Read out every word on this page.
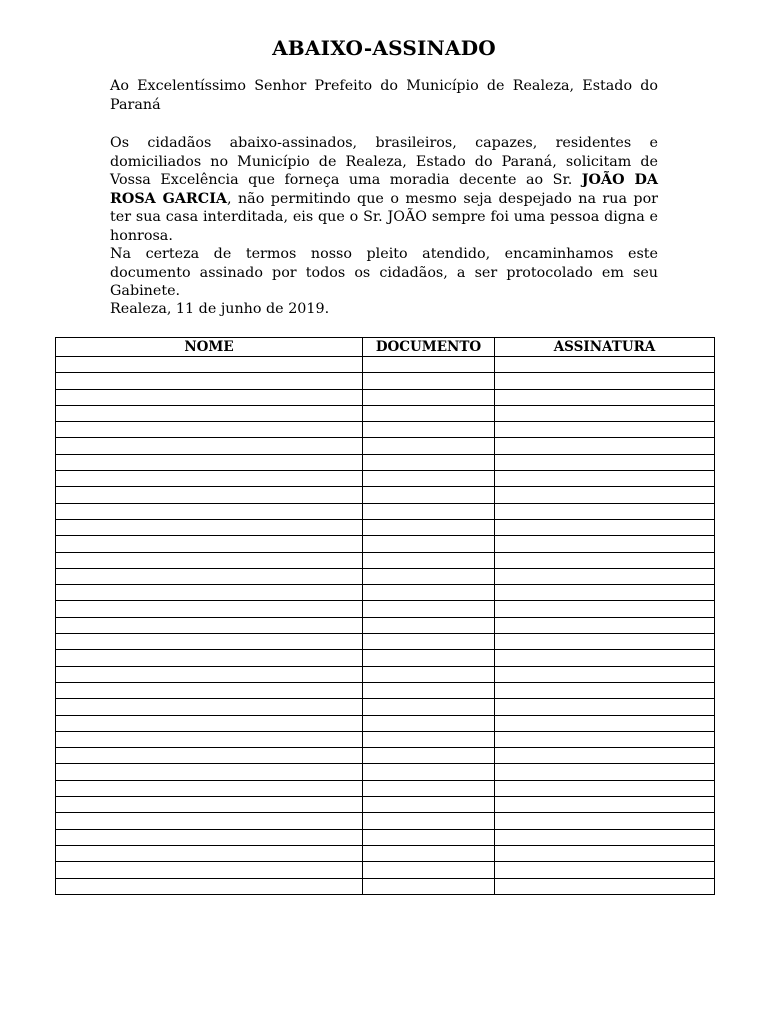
ABAIXO-ASSINADO
Ao Excelentíssimo Senhor Prefeito do Município de Realeza, Estado do Paraná
Os cidadãos abaixo-assinados, brasileiros, capazes, residentes e domiciliados no Município de Realeza, Estado do Paraná, solicitam de Vossa Excelência que forneça uma moradia decente ao Sr. JOÃO DA ROSA GARCIA, não permitindo que o mesmo seja despejado na rua por ter sua casa interditada, eis que o Sr. JOÃO sempre foi uma pessoa digna e honrosa.
Na certeza de termos nosso pleito atendido, encaminhamos este documento assinado por todos os cidadãos, a ser protocolado em seu Gabinete.
Realeza, 11 de junho de 2019.
NOME	DOCUMENTO	ASSINATURA
